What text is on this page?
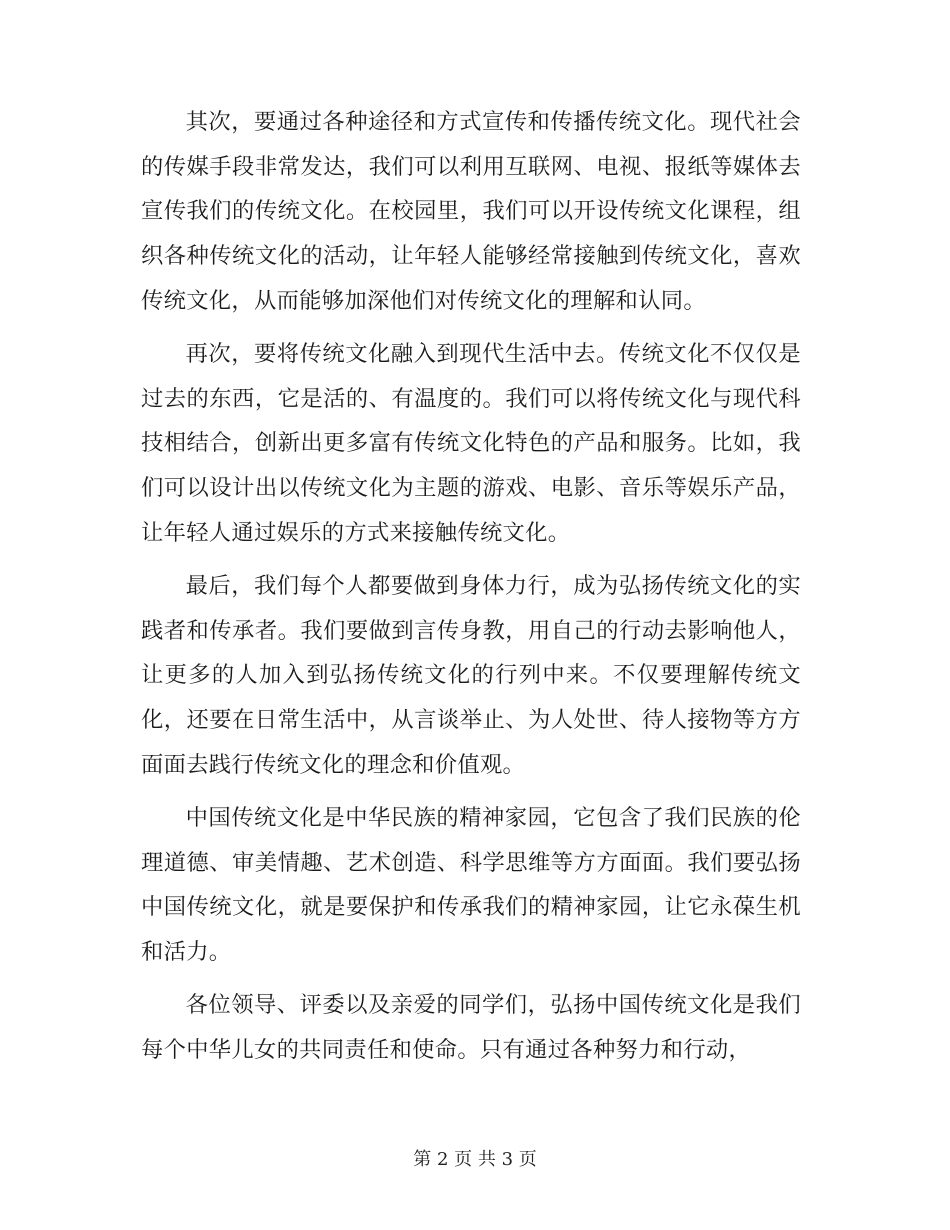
其次，要通过各种途径和方式宣传和传播传统文化。现代社会的传媒手段非常发达，我们可以利用互联网、电视、报纸等媒体去宣传我们的传统文化。在校园里，我们可以开设传统文化课程，组织各种传统文化的活动，让年轻人能够经常接触到传统文化，喜欢传统文化，从而能够加深他们对传统文化的理解和认同。

再次，要将传统文化融入到现代生活中去。传统文化不仅仅是过去的东西，它是活的、有温度的。我们可以将传统文化与现代科技相结合，创新出更多富有传统文化特色的产品和服务。比如，我们可以设计出以传统文化为主题的游戏、电影、音乐等娱乐产品，让年轻人通过娱乐的方式来接触传统文化。

最后，我们每个人都要做到身体力行，成为弘扬传统文化的实践者和传承者。我们要做到言传身教，用自己的行动去影响他人，让更多的人加入到弘扬传统文化的行列中来。不仅要理解传统文化，还要在日常生活中，从言谈举止、为人处世、待人接物等方方面面去践行传统文化的理念和价值观。

中国传统文化是中华民族的精神家园，它包含了我们民族的伦理道德、审美情趣、艺术创造、科学思维等方方面面。我们要弘扬中国传统文化，就是要保护和传承我们的精神家园，让它永葆生机和活力。

各位领导、评委以及亲爱的同学们，弘扬中国传统文化是我们每个中华儿女的共同责任和使命。只有通过各种努力和行动，

第 2 页 共 3 页
